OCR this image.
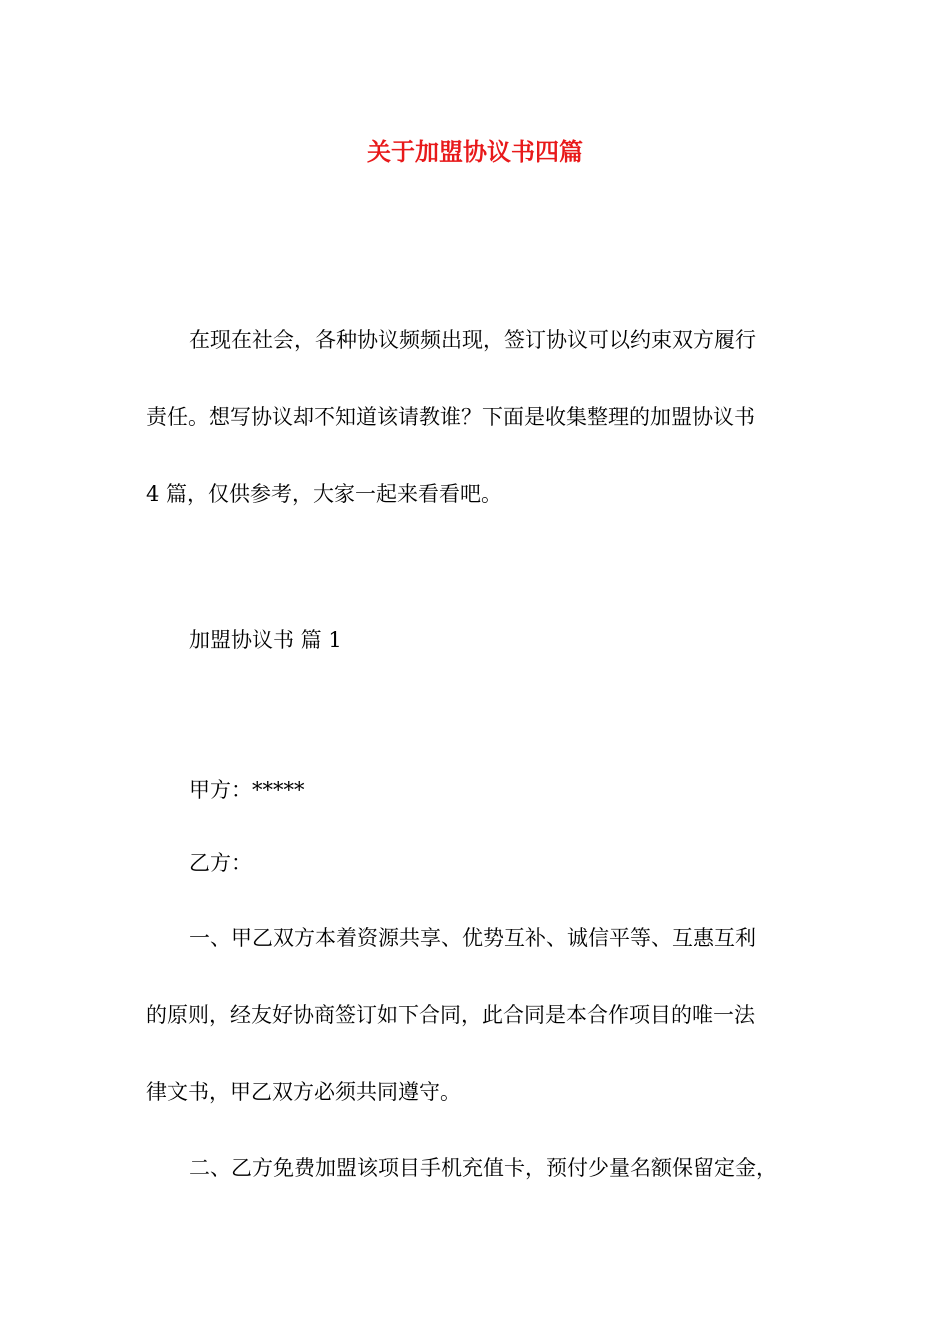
关于加盟协议书四篇
在现在社会，各种协议频频出现，签订协议可以约束双方履行
责任。想写协议却不知道该请教谁？下面是收集整理的加盟协议书
4 篇，仅供参考，大家一起来看看吧。
加盟协议书 篇 1
甲方：*****
乙方：
一、甲乙双方本着资源共享、优势互补、诚信平等、互惠互利
的原则，经友好协商签订如下合同，此合同是本合作项目的唯一法
律文书，甲乙双方必须共同遵守。
二、乙方免费加盟该项目手机充值卡，预付少量名额保留定金，
